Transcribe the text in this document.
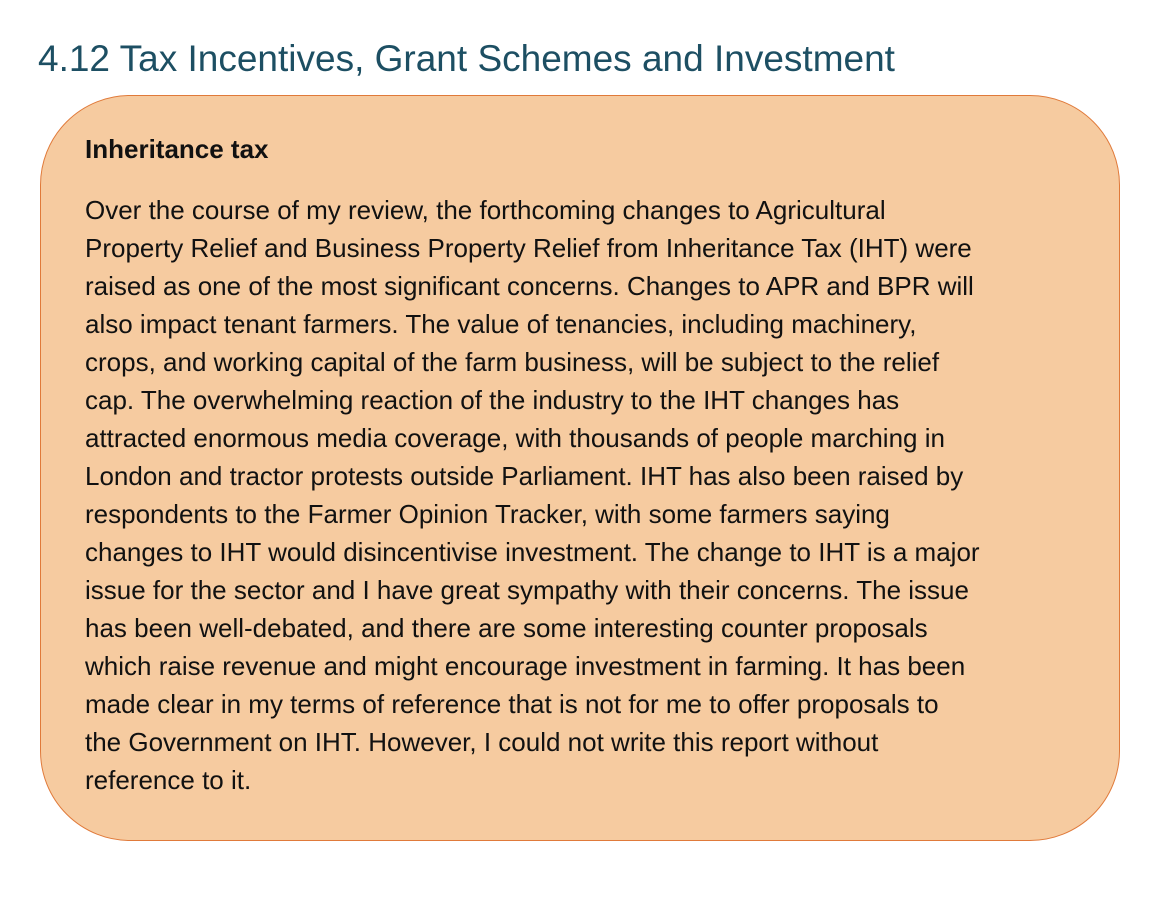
4.12 Tax Incentives, Grant Schemes and Investment
Inheritance tax

Over the course of my review, the forthcoming changes to Agricultural
Property Relief and Business Property Relief from Inheritance Tax (IHT) were
raised as one of the most significant concerns. Changes to APR and BPR will
also impact tenant farmers. The value of tenancies, including machinery,
crops, and working capital of the farm business, will be subject to the relief
cap. The overwhelming reaction of the industry to the IHT changes has
attracted enormous media coverage, with thousands of people marching in
London and tractor protests outside Parliament. IHT has also been raised by
respondents to the Farmer Opinion Tracker, with some farmers saying
changes to IHT would disincentivise investment. The change to IHT is a major
issue for the sector and I have great sympathy with their concerns. The issue
has been well-debated, and there are some interesting counter proposals
which raise revenue and might encourage investment in farming. It has been
made clear in my terms of reference that is not for me to offer proposals to
the Government on IHT. However, I could not write this report without
reference to it.
